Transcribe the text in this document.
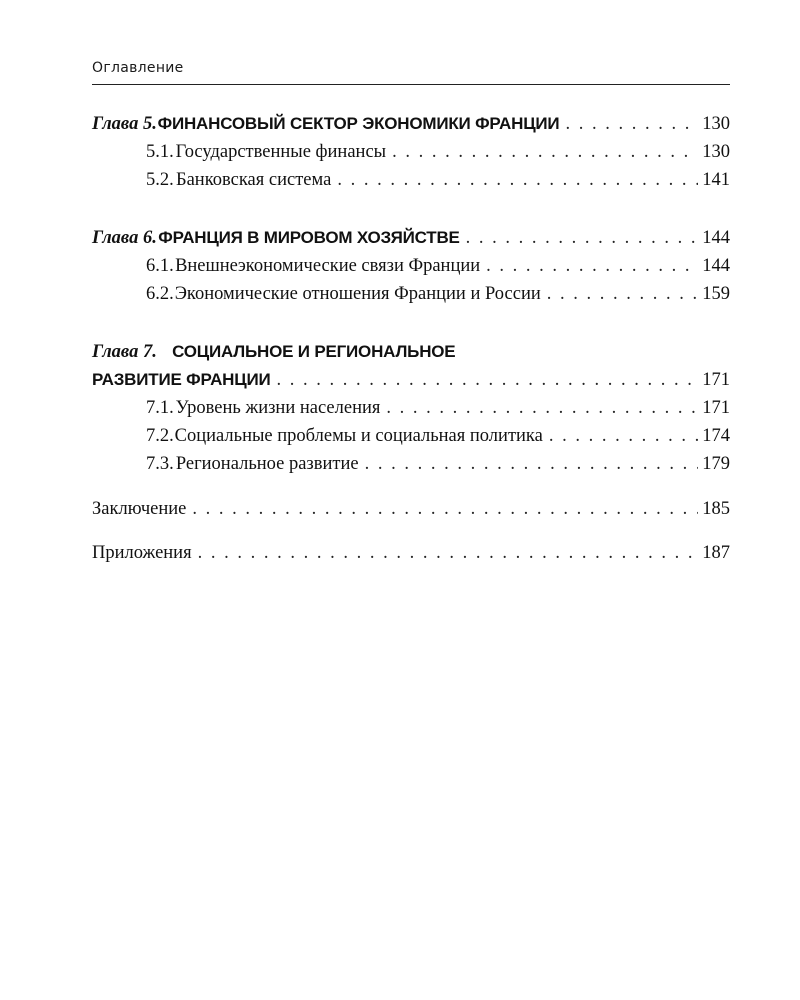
Оглавление
Глава 5. ФИНАНСОВЫЙ СЕКТОР ЭКОНОМИКИ ФРАНЦИИ . . .	130
5.1. Государственные финансы . . .	130
5.2. Банковская система . . .	141
Глава 6. ФРАНЦИЯ В МИРОВОМ ХОЗЯЙСТВЕ . . .	144
6.1. Внешнеэкономические связи Франции . . .	144
6.2. Экономические отношения Франции и России . . .	159
Глава 7. СОЦИАЛЬНОЕ И РЕГИОНАЛЬНОЕ
РАЗВИТИЕ ФРАНЦИИ . . .	171
7.1. Уровень жизни населения . . .	171
7.2. Социальные проблемы и социальная политика . . .	174
7.3. Региональное развитие . . .	179
Заключение . . .	185
Приложения . . .	187
